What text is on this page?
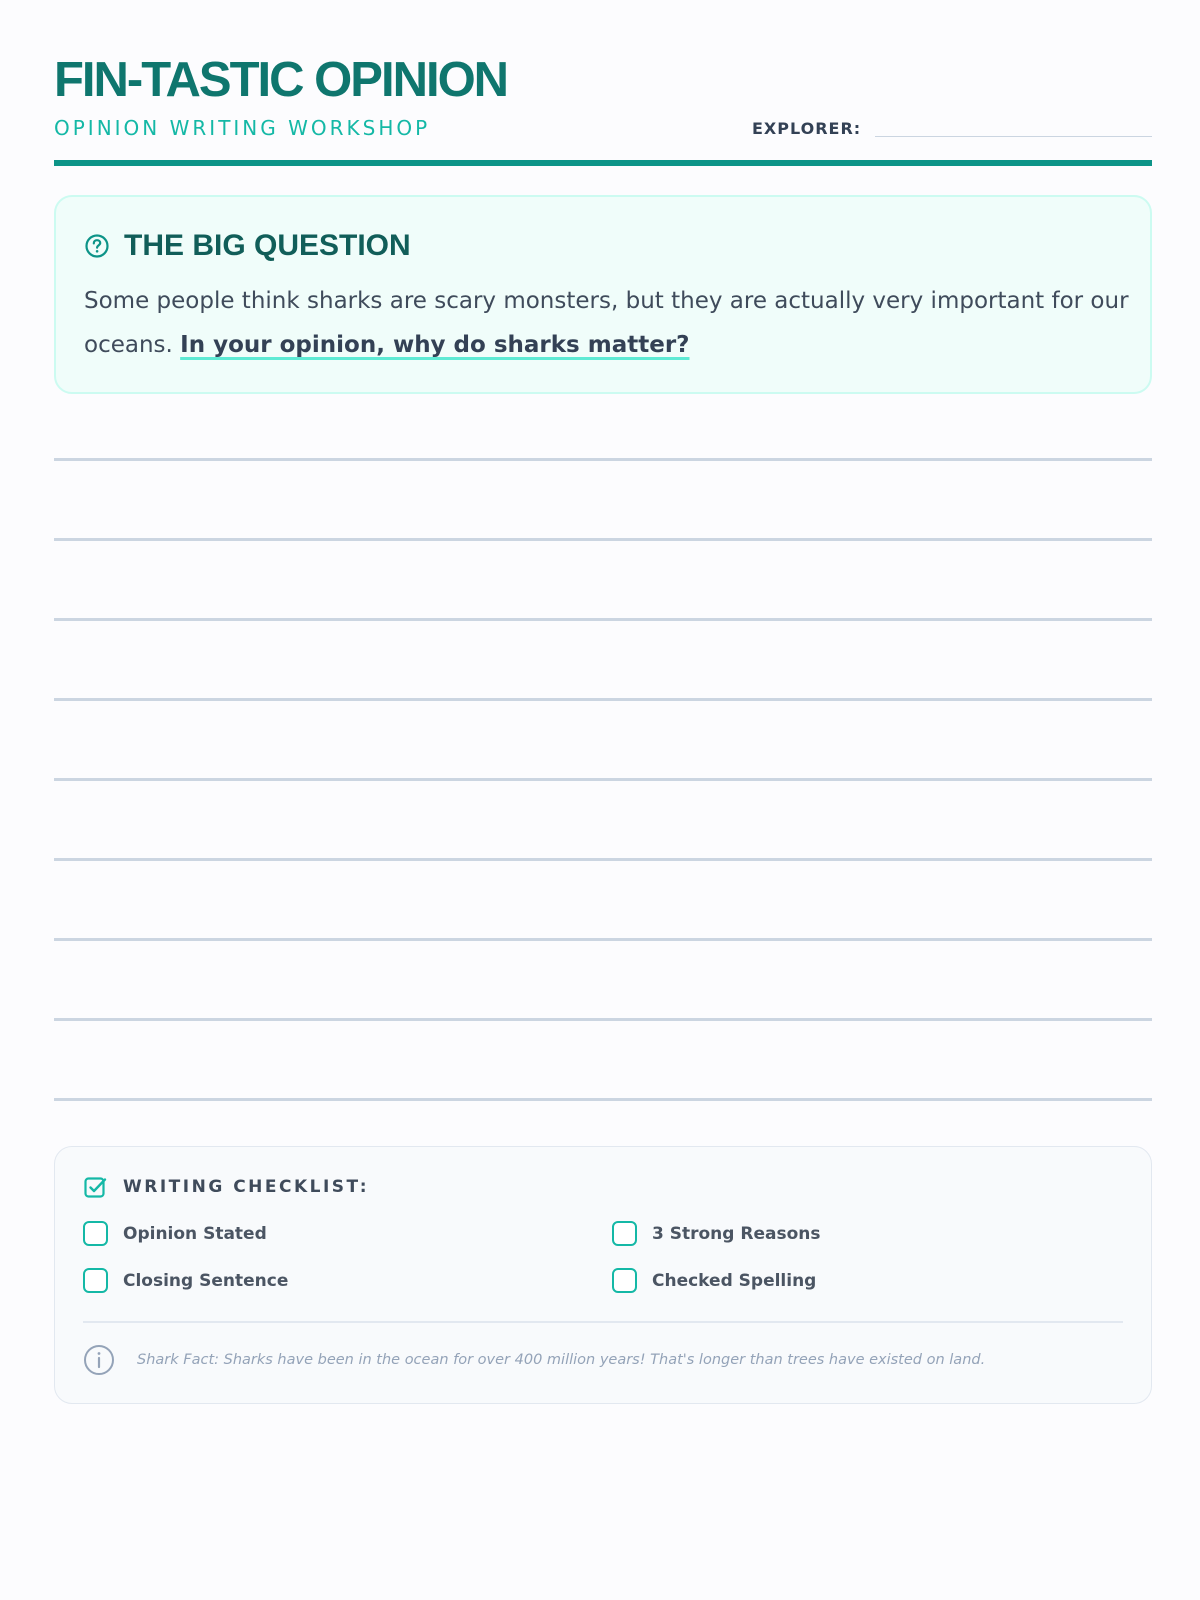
FIN-TASTIC OPINION
OPINION WRITING WORKSHOP	EXPLORER:
THE BIG QUESTION

Some people think sharks are scary monsters, but they are actually very important for our oceans. In your opinion, why do sharks matter?

WRITING CHECKLIST:
Opinion Stated	3 Strong Reasons
Closing Sentence	Checked Spelling
Shark Fact: Sharks have been in the ocean for over 400 million years! That's longer than trees have existed on land.
